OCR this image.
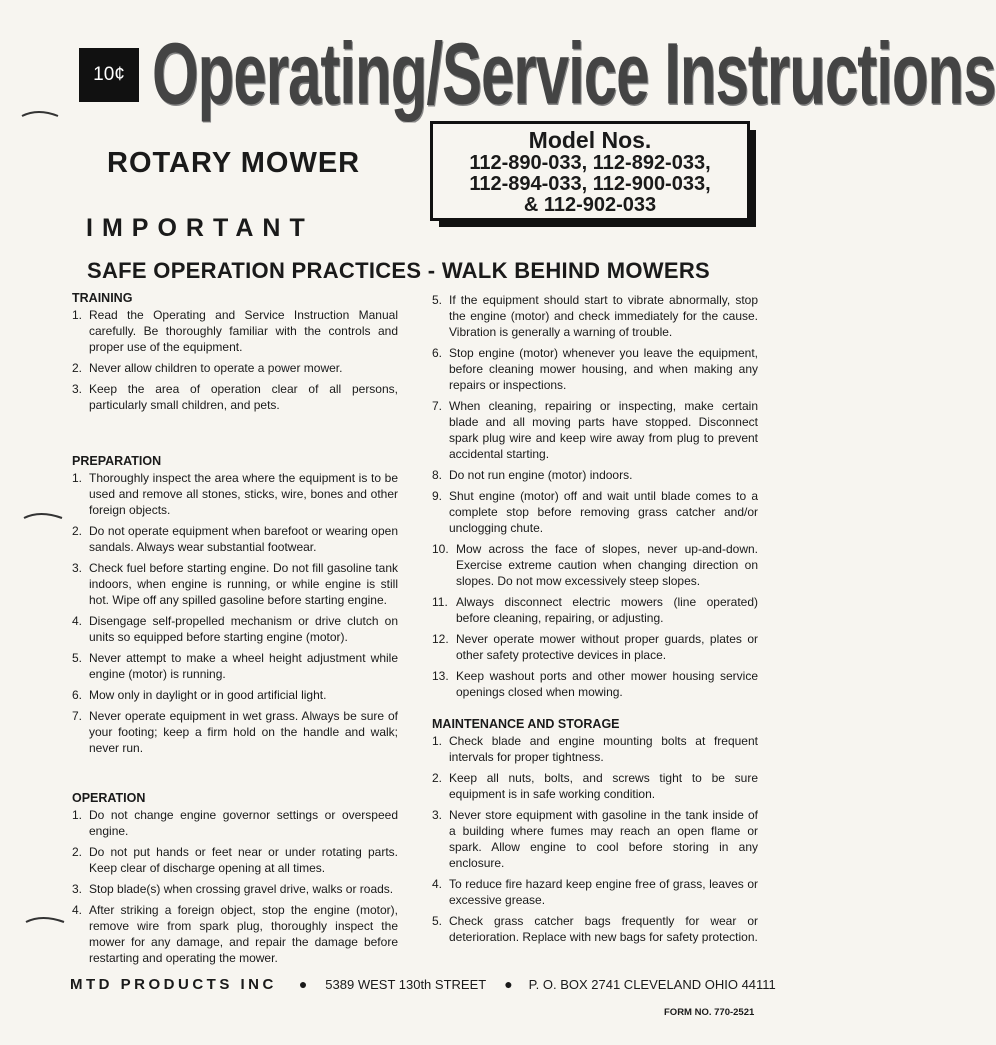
10¢ Operating/Service Instructions
ROTARY MOWER
Model Nos.
112-890-033, 112-892-033,
112-894-033, 112-900-033,
& 112-902-033
IMPORTANT
SAFE OPERATION PRACTICES - WALK BEHIND MOWERS
TRAINING
1. Read the Operating and Service Instruction Manual carefully. Be thoroughly familiar with the controls and proper use of the equipment.
2. Never allow children to operate a power mower.
3. Keep the area of operation clear of all persons, particularly small children, and pets.
PREPARATION
1. Thoroughly inspect the area where the equipment is to be used and remove all stones, sticks, wire, bones and other foreign objects.
2. Do not operate equipment when barefoot or wearing open sandals. Always wear substantial footwear.
3. Check fuel before starting engine. Do not fill gasoline tank indoors, when engine is running, or while engine is still hot. Wipe off any spilled gasoline before starting engine.
4. Disengage self-propelled mechanism or drive clutch on units so equipped before starting engine (motor).
5. Never attempt to make a wheel height adjustment while engine (motor) is running.
6. Mow only in daylight or in good artificial light.
7. Never operate equipment in wet grass. Always be sure of your footing; keep a firm hold on the handle and walk; never run.
OPERATION
1. Do not change engine governor settings or overspeed engine.
2. Do not put hands or feet near or under rotating parts. Keep clear of discharge opening at all times.
3. Stop blade(s) when crossing gravel drive, walks or roads.
4. After striking a foreign object, stop the engine (motor), remove wire from spark plug, thoroughly inspect the mower for any damage, and repair the damage before restarting and operating the mower.
5. If the equipment should start to vibrate abnormally, stop the engine (motor) and check immediately for the cause. Vibration is generally a warning of trouble.
6. Stop engine (motor) whenever you leave the equipment, before cleaning mower housing, and when making any repairs or inspections.
7. When cleaning, repairing or inspecting, make certain blade and all moving parts have stopped. Disconnect spark plug wire and keep wire away from plug to prevent accidental starting.
8. Do not run engine (motor) indoors.
9. Shut engine (motor) off and wait until blade comes to a complete stop before removing grass catcher and/or unclogging chute.
10. Mow across the face of slopes, never up-and-down. Exercise extreme caution when changing direction on slopes. Do not mow excessively steep slopes.
11. Always disconnect electric mowers (line operated) before cleaning, repairing, or adjusting.
12. Never operate mower without proper guards, plates or other safety protective devices in place.
13. Keep washout ports and other mower housing service openings closed when mowing.
MAINTENANCE AND STORAGE
1. Check blade and engine mounting bolts at frequent intervals for proper tightness.
2. Keep all nuts, bolts, and screws tight to be sure equipment is in safe working condition.
3. Never store equipment with gasoline in the tank inside of a building where fumes may reach an open flame or spark. Allow engine to cool before storing in any enclosure.
4. To reduce fire hazard keep engine free of grass, leaves or excessive grease.
5. Check grass catcher bags frequently for wear or deterioration. Replace with new bags for safety protection.
MTD PRODUCTS INC ● 5389 WEST 130th STREET ● P. O. BOX 2741 CLEVELAND OHIO 44111
FORM NO. 770-2521
